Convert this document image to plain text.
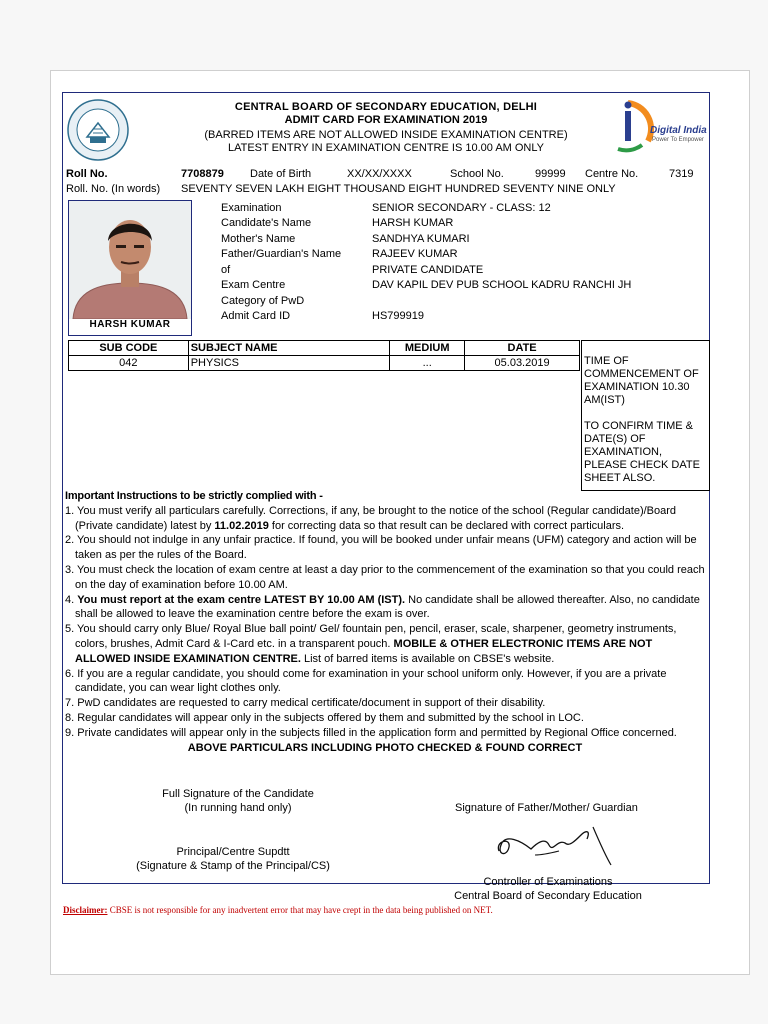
CENTRAL BOARD OF SECONDARY EDUCATION, DELHI
ADMIT CARD FOR EXAMINATION 2019
(BARRED ITEMS ARE NOT ALLOWED INSIDE EXAMINATION CENTRE)
LATEST ENTRY IN EXAMINATION CENTRE IS 10.00 AM ONLY
Digital India
Power To Empower
Roll No.	7708879 Date of Birth	XX/XX/XXXX	School No.	99999 Centre No.	7319
Roll. No. (In words) SEVENTY SEVEN LAKH EIGHT THOUSAND EIGHT HUNDRED SEVENTY NINE ONLY
HARSH KUMAR
Examination	SENIOR SECONDARY - CLASS: 12
Candidate's Name	HARSH KUMAR
Mother's Name	SANDHYA KUMARI
Father/Guardian's Name	RAJEEV KUMAR
of	PRIVATE CANDIDATE
Exam Centre	DAV KAPIL DEV PUB SCHOOL KADRU RANCHI JH
Category of PwD
Admit Card ID	HS799919
SUB CODE	SUBJECT NAME	MEDIUM	DATE
042	PHYSICS	...	05.03.2019	TIME OF COMMENCEMENT OF EXAMINATION 10.30 AM(IST)
TO CONFIRM TIME & DATE(S) OF EXAMINATION, PLEASE CHECK DATE SHEET ALSO.

Important Instructions to be strictly complied with -

1. You must verify all particulars carefully. Corrections, if any, be brought to the notice of the school (Regular candidate)/Board (Private candidate) latest by 11.02.2019 for correcting data so that result can be declared with correct particulars.

2. You should not indulge in any unfair practice. If found, you will be booked under unfair means (UFM) category and action will be taken as per the rules of the Board.

3. You must check the location of exam centre at least a day prior to the commencement of the examination so that you could reach on the day of examination before 10.00 AM.

4. You must report at the exam centre LATEST BY 10.00 AM (IST). No candidate shall be allowed thereafter. Also, no candidate shall be allowed to leave the examination centre before the exam is over.

5. You should carry only Blue/ Royal Blue ball point/ Gel/ fountain pen, pencil, eraser, scale, sharpener, geometry instruments, colors, brushes, Admit Card & I-Card etc. in a transparent pouch. MOBILE & OTHER ELECTRONIC ITEMS ARE NOT ALLOWED INSIDE EXAMINATION CENTRE. List of barred items is available on CBSE's website.

6. If you are a regular candidate, you should come for examination in your school uniform only. However, if you are a private candidate, you can wear light clothes only.

7. PwD candidates are requested to carry medical certificate/document in support of their disability.

8. Regular candidates will appear only in the subjects offered by them and submitted by the school in LOC.

9. Private candidates will appear only in the subjects filled in the application form and permitted by Regional Office concerned.

ABOVE PARTICULARS INCLUDING PHOTO CHECKED & FOUND CORRECT

Full Signature of the Candidate
(In running hand only)	Signature of Father/Mother/ Guardian
Principal/Centre Supdtt
(Signature & Stamp of the Principal/CS)
Controller of Examinations
Central Board of Secondary Education
Disclaimer: CBSE is not responsible for any inadvertent error that may have crept in the data being published on NET.
